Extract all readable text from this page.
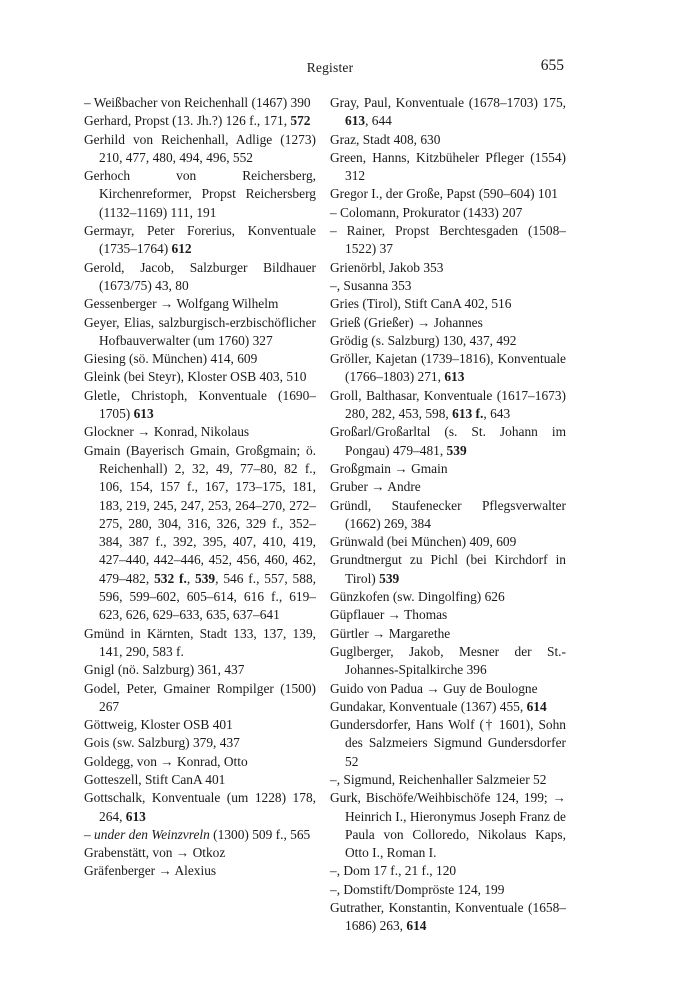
Register	655
– Weißbacher von Reichenhall (1467) 390
Gerhard, Propst (13. Jh.?) 126 f., 171, 572
Gerhild von Reichenhall, Adlige (1273) 210, 477, 480, 494, 496, 552
Gerhoch von Reichersberg, Kirchenreformer, Propst Reichersberg (1132–1169) 111, 191
Germayr, Peter Forerius, Konventuale (1735–1764) 612
Gerold, Jacob, Salzburger Bildhauer (1673/75) 43, 80
Gessenberger → Wolfgang Wilhelm
Geyer, Elias, salzburgisch-erzbischöflicher Hofbauverwalter (um 1760) 327
Giesing (sö. München) 414, 609
Gleink (bei Steyr), Kloster OSB 403, 510
Gletle, Christoph, Konventuale (1690–1705) 613
Glockner → Konrad, Nikolaus
Gmain (Bayerisch Gmain, Großgmain; ö. Reichenhall) 2, 32, 49, 77–80, 82 f., 106, 154, 157 f., 167, 173–175, 181, 183, 219, 245, 247, 253, 264–270, 272–275, 280, 304, 316, 326, 329 f., 352–384, 387 f., 392, 395, 407, 410, 419, 427–440, 442–446, 452, 456, 460, 462, 479–482, 532 f., 539, 546 f., 557, 588, 596, 599–602, 605–614, 616 f., 619–623, 626, 629–633, 635, 637–641
Gmünd in Kärnten, Stadt 133, 137, 139, 141, 290, 583 f.
Gnigl (nö. Salzburg) 361, 437
Godel, Peter, Gmainer Rompilger (1500) 267
Göttweig, Kloster OSB 401
Gois (sw. Salzburg) 379, 437
Goldegg, von → Konrad, Otto
Gotteszell, Stift CanA 401
Gottschalk, Konventuale (um 1228) 178, 264, 613
– under den Weinzvreln (1300) 509 f., 565
Grabenstätt, von → Otkoz
Gräfenberger → Alexius
Gray, Paul, Konventuale (1678–1703) 175, 613, 644
Graz, Stadt 408, 630
Green, Hanns, Kitzbüheler Pfleger (1554) 312
Gregor I., der Große, Papst (590–604) 101
– Colomann, Prokurator (1433) 207
– Rainer, Propst Berchtesgaden (1508–1522) 37
Grienörbl, Jakob 353
–, Susanna 353
Gries (Tirol), Stift CanA 402, 516
Grieß (Grießer) → Johannes
Grödig (s. Salzburg) 130, 437, 492
Gröller, Kajetan (1739–1816), Konventuale (1766–1803) 271, 613
Groll, Balthasar, Konventuale (1617–1673) 280, 282, 453, 598, 613 f., 643
Großarl/Großarltal (s. St. Johann im Pongau) 479–481, 539
Großgmain → Gmain
Gruber → Andre
Gründl, Staufenecker Pflegsverwalter (1662) 269, 384
Grünwald (bei München) 409, 609
Grundtnergut zu Pichl (bei Kirchdorf in Tirol) 539
Günzkofen (sw. Dingolfing) 626
Güpflauer → Thomas
Gürtler → Margarethe
Guglberger, Jakob, Mesner der St.-Johannes-Spitalkirche 396
Guido von Padua → Guy de Boulogne
Gundakar, Konventuale (1367) 455, 614
Gundersdorfer, Hans Wolf († 1601), Sohn des Salzmeiers Sigmund Gundersdorfer 52
–, Sigmund, Reichenhaller Salzmeier 52
Gurk, Bischöfe/Weihbischöfe 124, 199; → Heinrich I., Hieronymus Joseph Franz de Paula von Colloredo, Nikolaus Kaps, Otto I., Roman I.
–, Dom 17 f., 21 f., 120
–, Domstift/Dompröste 124, 199
Gutrather, Konstantin, Konventuale (1658–1686) 263, 614
